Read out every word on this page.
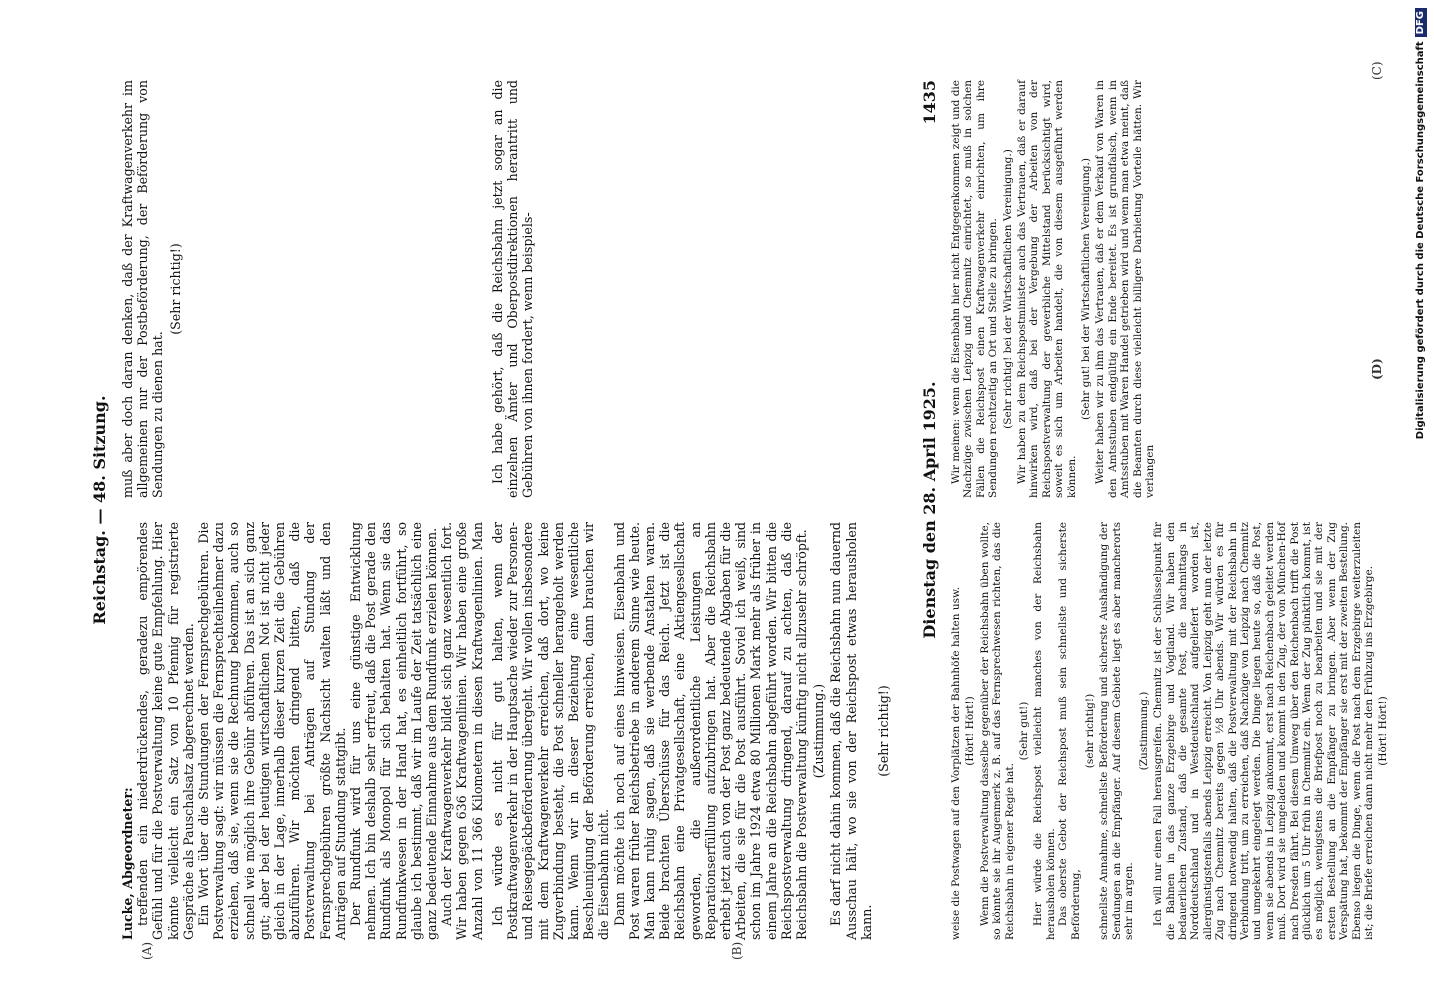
Reichstag. — 48. Sitzung.

Lucke, Abgeordneter: treffenden ein niederdrückendes, geradezu empörendes Gefühl und für die Postverwaltung keine gute Empfehlung. Hier könnte vielleicht ein Satz von 10 Pfennig für registrierte Gespräche als Pauschalsatz abgerechnet werden. Ein Wort über die Stundungen der Fernsprechgebühren. Die Postverwaltung sagt: wir müssen die Fernsprechteilnehmer dazu erziehen, daß sie, wenn sie die Rechnung bekommen, auch so schnell wie möglich ihre Gebühr abführen. Das ist an sich ganz gut; aber bei der heutigen wirtschaftlichen Not ist nicht jeder gleich in der Lage, innerhalb dieser kurzen Zeit die Gebühren abzuführen. Wir möchten dringend bitten, daß die Postverwaltung bei Anträgen auf Stundung der Fernsprechgebühren größte Nachsicht walten läßt und den Anträgen auf Stundung stattgibt. Der Rundfunk wird für uns eine günstige Entwicklung nehmen. Ich bin deshalb sehr erfreut, daß die Post gerade den Rundfunk als Monopol für sich behalten hat. Wenn sie das Rundfunkwesen in der Hand hat, es einheitlich fortführt, so glaube ich bestimmt, daß wir im Laufe der Zeit tatsächlich eine ganz bedeutende Einnahme aus dem Rundfunk erzielen können. Auch der Kraftwagenverkehr bildet sich ganz wesentlich fort. Wir haben gegen 636 Kraftwagenlinien. Wir haben eine große Anzahl von 11 366 Kilometern in diesen Kraftwagenlinien. Man muß aber doch daran denken, daß der Kraftwagenverkehr im allgemeinen nur der Postbeförderung, der Beförderung von Sendungen zu dienen hat.

(Sehr richtig!)

Ich würde es nicht für gut halten, wenn der Postkraftwagenverkehr in der Hauptsache wieder zur Personen- und Reisegepäckbeförderung übergeht. Wir wollen insbesondere mit dem Kraftwagenverkehr erreichen, daß dort, wo keine Zugverbindung besteht, die Post schneller herangeholt werden kann. Wenn wir in dieser Beziehung eine wesentliche Beschleunigung der Beförderung erreichen, dann brauchen wir die Eisenbahn nicht. Dann möchte ich noch auf eines hinweisen. Eisenbahn und Post waren früher Reichsbetriebe in anderem Sinne wie heute. Man kann ruhig sagen, daß sie werbende Anstalten waren. Beide brachten Überschüsse für das Reich. Jetzt ist die Reichsbahn eine Privatgesellschaft, eine Aktiengesellschaft geworden, die außerordentliche Leistungen an Reparationserfüllung aufzubringen hat. Aber die Reichsbahn erhebt jetzt auch von der Post ganz bedeutende Abgaben für die Arbeiten, die sie für die Post ausführt. Soviel ich weiß, sind schon im Jahre 1924 etwa 80 Millionen Mark mehr als früher in einem Jahre an die Reichsbahn abgeführt worden. Wir bitten die Reichspostverwaltung dringend, darauf zu achten, daß die Reichsbahn die Postverwaltung künftig nicht allzusehr schröpft. (Zustimmung.) Es darf nicht dahin kommen, daß die Reichsbahn nun dauernd Ausschau hält, wo sie von der Reichspost etwas herausholen kann.

(Sehr richtig!)

Ich habe gehört, daß die Reichsbahn jetzt sogar an die einzelnen Ämter und Oberpostdirektionen herantritt und Gebühren von ihnen fordert, wenn beispiels-

(A)	(B)
Dienstag den 28. April 1925.
1435

weise die Postwagen auf den Vorplätzen der Bahnhöfe halten usw. (Hört! Hört!) Wenn die Postverwaltung dasselbe gegenüber der Reichsbahn üben wollte, so könnte sie ihr Augenmerk z. B. auf das Fernsprechwesen richten, das die Reichsbahn in eigener Regie hat.

(Sehr gut!) Hier würde die Reichspost vielleicht manches von der Reichsbahn herausholen können. Das oberste Gebot der Reichspost muß sein schnellste und sicherste Beförderung,

(sehr richtig!) schnellste Annahme, schnellste Beförderung und sicherste Aushändigung der Sendungen an die Empfänger. Auf diesem Gebiete liegt es aber mancherorts sehr im argen.

(Zustimmung.) Ich will nur einen Fall herausgreifen. Chemnitz ist der Schlüsselpunkt für die Bahnen in das ganze Erzgebirge und Vogtland. Wir haben den bedauerlichen Zustand, daß die gesamte Post, die nachmittags in Norddeutschland und in Westdeutschland aufgeliefert worden ist, allergünstigstenfalls abends Leipzig erreicht. Von Leipzig geht nun der letzte Zug nach Chemnitz bereits gegen ½8 Uhr abends. Wir würden es für dringend notwendig halten, daß die Postverwaltung mit der Reichsbahn in Verbindung tritt, um zu erreichen, daß Nachzüge von Leipzig nach Chemnitz und umgekehrt eingelegt werden. Die Dinge liegen heute so, daß die Post, wenn sie abends in Leipzig ankommt, erst nach Reichenbach geleitet werden muß. Dort wird sie umgeladen und kommt in den Zug, der von München-Hof nach Dresden fährt. Bei diesem Umweg über den Reichenbach trifft die Post glücklich um 5 Uhr früh in Chemnitz ein. Wenn der Zug pünktlich kommt, ist es möglich, wenigstens die Briefpost noch zu bearbeiten und sie mit der ersten Bestellung an die Empfänger zu bringen. Aber wenn der Zug Verspätung hat, bekommt der Empfänger sie erst mit der zweiten Bestellung. Ebenso liegen die Dinge, wenn die Post nach dem Erzgebirge weiterzuleiten ist; die Briefe erreichen dann nicht mehr den Frühzug ins Erzgebirge. (Hört! Hört!)

Wir meinen: wenn die Eisenbahn hier nicht Entgegenkommen zeigt und die Nachzüge zwischen Leipzig und Chemnitz einrichtet, so muß in solchen Fällen die Reichspost einen Kraftwagenverkehr einrichten, um ihre Sendungen rechtzeitig an Ort und Stelle zu bringen. (Sehr richtig! bei der Wirtschaftlichen Vereinigung.) Wir haben zu dem Reichspostminister auch das Vertrauen, daß er darauf hinwirken wird, daß bei der Vergebung der Arbeiten von der Reichspostverwaltung der gewerbliche Mittelstand berücksichtigt wird, soweit es sich um Arbeiten handelt, die von diesem ausgeführt werden können.

(Sehr gut! bei der Wirtschaftlichen Vereinigung.) Weiter haben wir zu ihm das Vertrauen, daß er dem Verkauf von Waren in den Amtsstuben endgültig ein Ende bereitet. Es ist grundfalsch, wenn in Amtsstuben mit Waren Handel getrieben wird und wenn man etwa meint, daß die Beamten durch diese vielleicht billigere Darbietung Vorteile hätten. Wir verlangen

(C)
(D)	Digitalisierung gefördert durch die Deutsche ForschungsgemeinschaftDFG
